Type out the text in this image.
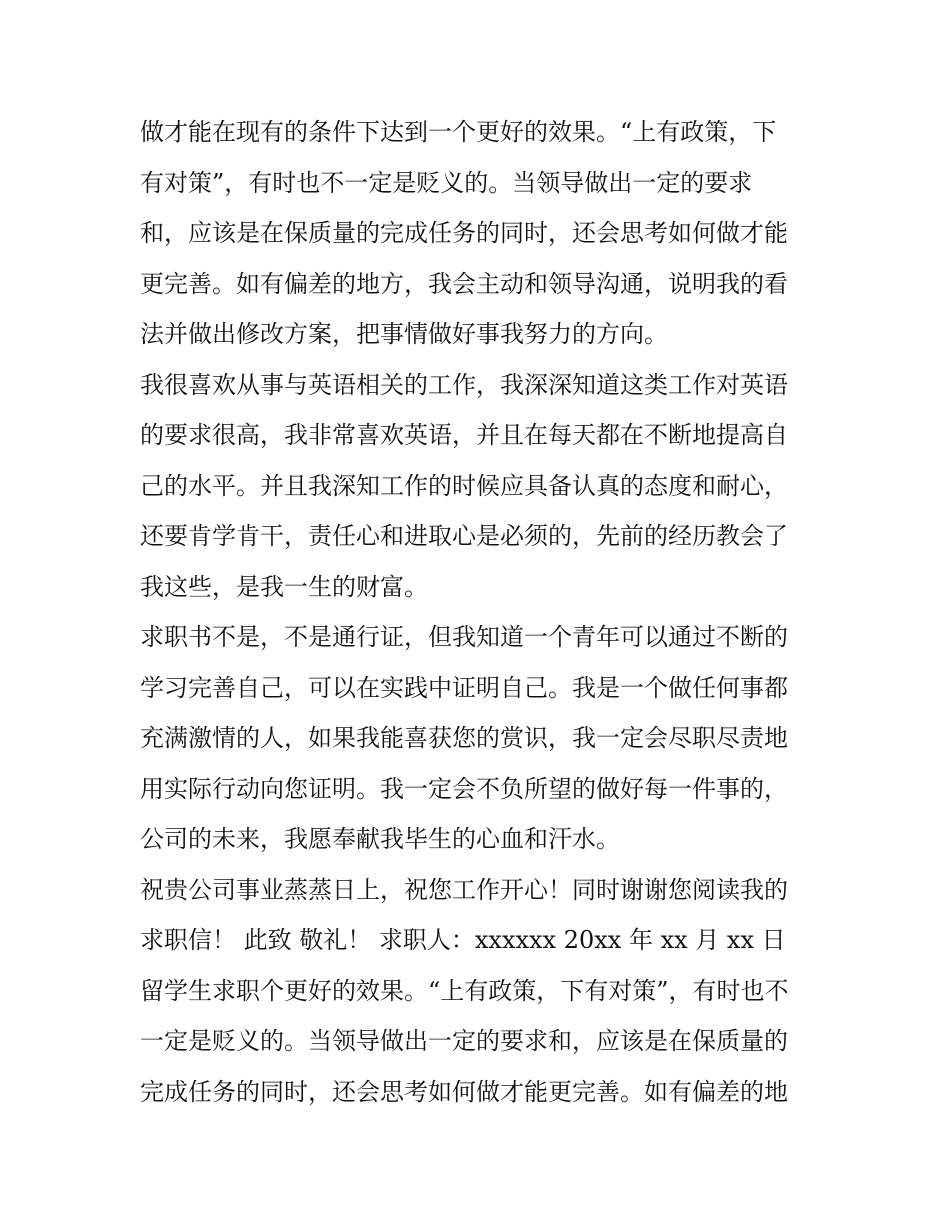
做才能在现有的条件下达到一个更好的效果。“上有政策，下
有对策”，有时也不一定是贬义的。当领导做出一定的要求
和，应该是在保质量的完成任务的同时，还会思考如何做才能
更完善。如有偏差的地方，我会主动和领导沟通，说明我的看
法并做出修改方案，把事情做好事我努力的方向。
我很喜欢从事与英语相关的工作，我深深知道这类工作对英语
的要求很高，我非常喜欢英语，并且在每天都在不断地提高自
己的水平。并且我深知工作的时候应具备认真的态度和耐心，
还要肯学肯干，责任心和进取心是必须的，先前的经历教会了
我这些，是我一生的财富。
求职书不是，不是通行证，但我知道一个青年可以通过不断的
学习完善自己，可以在实践中证明自己。我是一个做任何事都
充满激情的人，如果我能喜获您的赏识，我一定会尽职尽责地
用实际行动向您证明。我一定会不负所望的做好每一件事的，
公司的未来，我愿奉献我毕生的心血和汗水。
祝贵公司事业蒸蒸日上，祝您工作开心！同时谢谢您阅读我的
求职信！ 此致 敬礼！ 求职人：xxxxxx 20xx 年 xx 月 xx 日
留学生求职个更好的效果。“上有政策，下有对策”，有时也不
一定是贬义的。当领导做出一定的要求和，应该是在保质量的
完成任务的同时，还会思考如何做才能更完善。如有偏差的地
